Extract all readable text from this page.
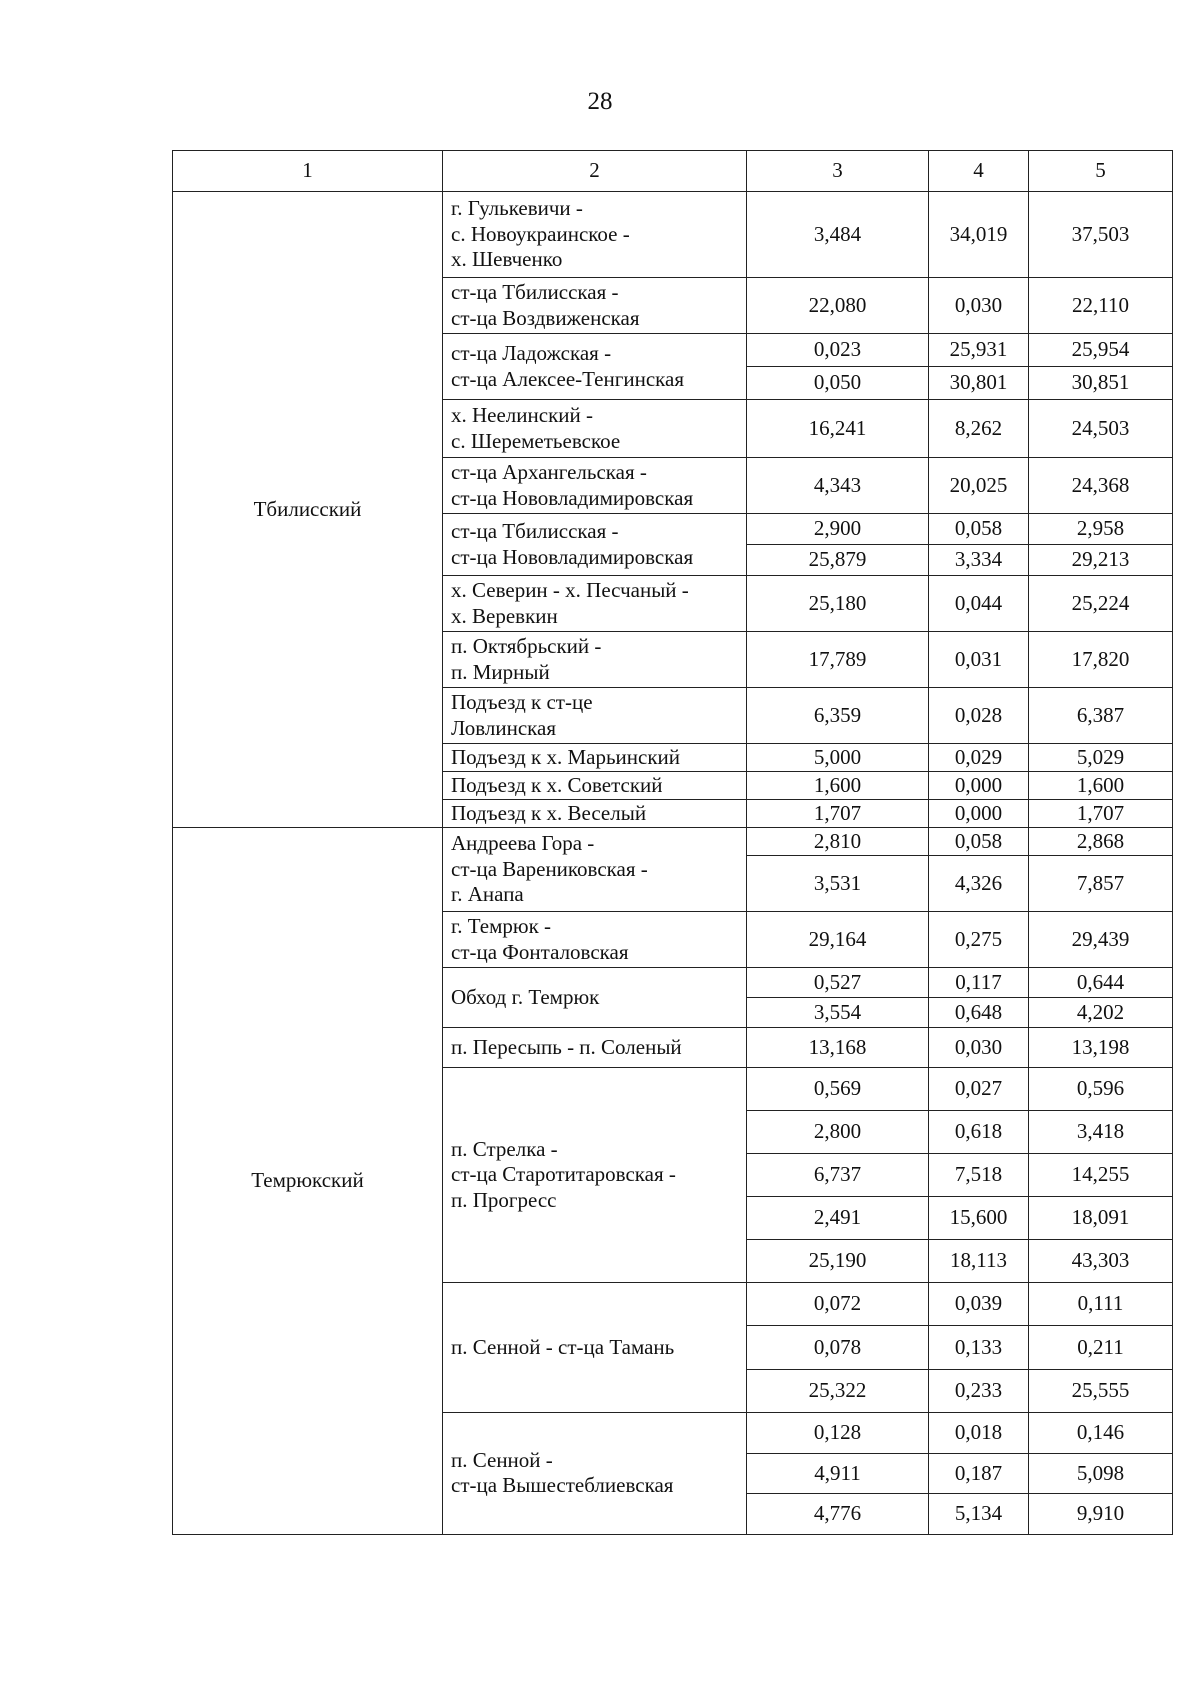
28
1	2	3	4	5
Тбилисский	г. Гулькевичи -
с. Новоукраинское -
х. Шевченко	3,484	34,019	37,503

	ст-ца Тбилисская -
ст-ца Воздвиженская	22,080	0,030	22,110

	ст-ца Ладожская -
ст-ца Алексее-Тенгинская	0,023	25,931	25,954
		0,050	30,801	30,851

	х. Неелинский -
с. Шереметьевское	16,241	8,262	24,503

	ст-ца Архангельская -
ст-ца Нововладимировская	4,343	20,025	24,368

	ст-ца Тбилисская -
ст-ца Нововладимировская	2,900	0,058	2,958
		25,879	3,334	29,213

	х. Северин - х. Песчаный -
х. Веревкин	25,180	0,044	25,224

	п. Октябрьский -
п. Мирный	17,789	0,031	17,820

	Подъезд к ст-це
Ловлинская	6,359	0,028	6,387

	Подъезд к х. Марьинский	5,000	0,029	5,029

	Подъезд к х. Советский	1,600	0,000	1,600

	Подъезд к х. Веселый	1,707	0,000	1,707
Темрюкский	Андреева Гора -
ст-ца Варениковская -
г. Анапа	2,810	0,058	2,868
		3,531	4,326	7,857

	г. Темрюк -
ст-ца Фонталовская	29,164	0,275	29,439

	Обход г. Темрюк	0,527	0,117	0,644
		3,554	0,648	4,202

	п. Пересыпь - п. Соленый	13,168	0,030	13,198

	п. Стрелка -
ст-ца Старотитаровская -
п. Прогресс	0,569	0,027	0,596
		2,800	0,618	3,418
		6,737	7,518	14,255
		2,491	15,600	18,091
		25,190	18,113	43,303

	п. Сенной - ст-ца Тамань	0,072	0,039	0,111
		0,078	0,133	0,211
		25,322	0,233	25,555

	п. Сенной -
ст-ца Вышестеблиевская	0,128	0,018	0,146
		4,911	0,187	5,098
		4,776	5,134	9,910
